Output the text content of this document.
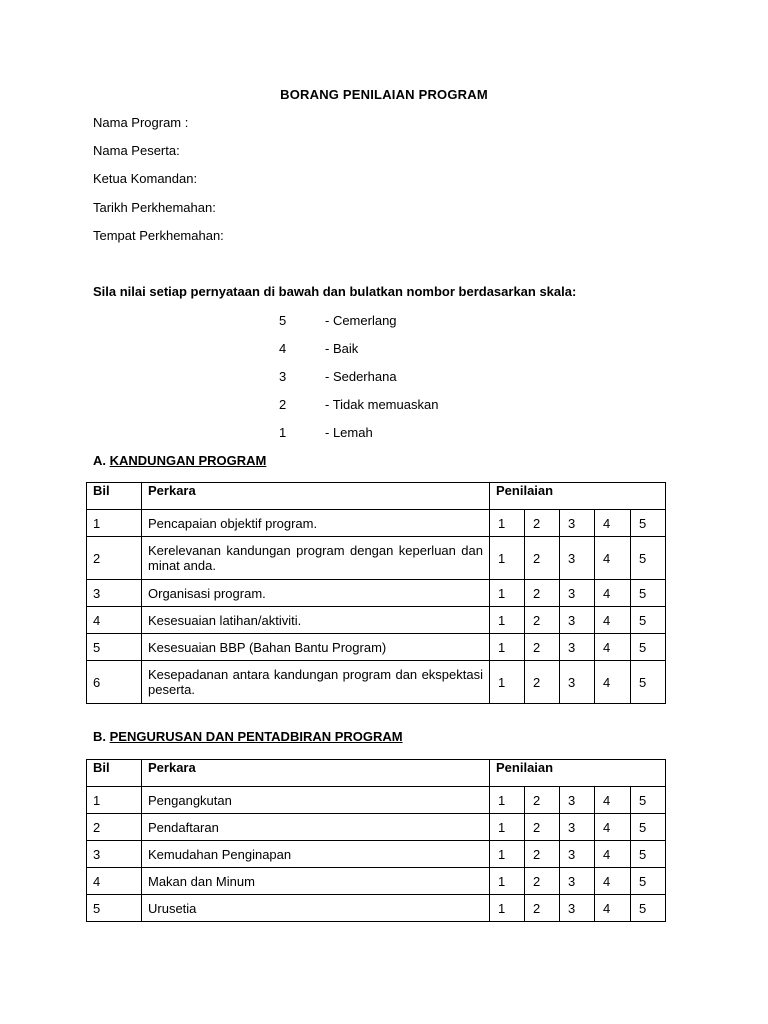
BORANG PENILAIAN PROGRAM
Nama Program :
Nama Peserta:
Ketua Komandan:
Tarikh Perkhemahan:
Tempat Perkhemahan:
Sila nilai setiap pernyataan di bawah dan bulatkan nombor berdasarkan skala:
5	- Cemerlang
4	- Baik
3	- Sederhana
2	- Tidak memuaskan
1	- Lemah
A. KANDUNGAN PROGRAM
Bil	Perkara	Penilaian				
1	Pencapaian objektif program.	1	2	3	4	5
2	Kerelevanan kandungan program dengan keperluan dan minat anda.	1	2	3	4	5
3	Organisasi program.	1	2	3	4	5
4	Kesesuaian latihan/aktiviti.	1	2	3	4	5
5	Kesesuaian BBP (Bahan Bantu Program)	1	2	3	4	5
6	Kesepadanan antara kandungan program dan ekspektasi peserta.	1	2	3	4	5
B. PENGURUSAN DAN PENTADBIRAN PROGRAM
Bil	Perkara	Penilaian				
1	Pengangkutan	1	2	3	4	5
2	Pendaftaran	1	2	3	4	5
3	Kemudahan Penginapan	1	2	3	4	5
4	Makan dan Minum	1	2	3	4	5
5	Urusetia	1	2	3	4	5
